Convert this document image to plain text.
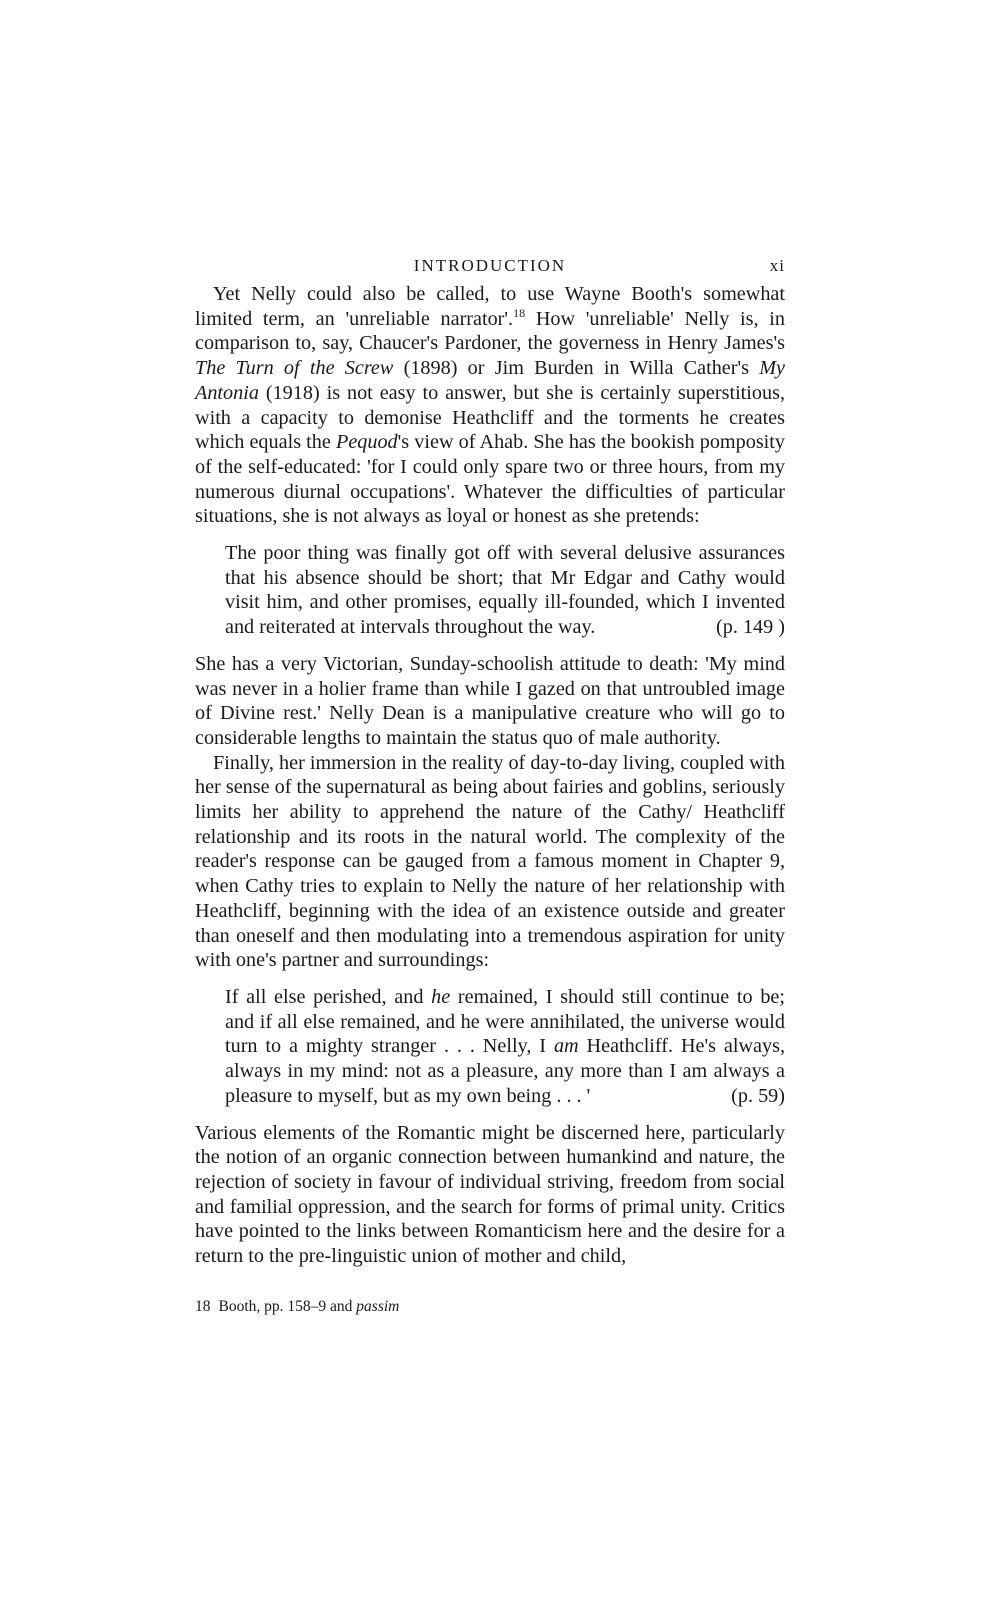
INTRODUCTION	xi

Yet Nelly could also be called, to use Wayne Booth's somewhat limited term, an 'unreliable narrator'.$^{18}$ How 'unreliable' Nelly is, in comparison to, say, Chaucer's Pardoner, the governess in Henry James's The Turn of the Screw (1898) or Jim Burden in Willa Cather's My Antonia (1918) is not easy to answer, but she is certainly superstitious, with a capacity to demonise Heathcliff and the torments he creates which equals the Pequod's view of Ahab. She has the bookish pomposity of the self-educated: 'for I could only spare two or three hours, from my numerous diurnal occupations'. Whatever the difficulties of particular situations, she is not always as loyal or honest as she pretends:

The poor thing was finally got off with several delusive assurances that his absence should be short; that Mr Edgar and Cathy would visit him, and other promises, equally ill-founded, which I invented and reiterated at intervals throughout the way.	(p. 149 )

She has a very Victorian, Sunday-schoolish attitude to death: 'My mind was never in a holier frame than while I gazed on that untroubled image of Divine rest.' Nelly Dean is a manipulative creature who will go to considerable lengths to maintain the status quo of male authority.

Finally, her immersion in the reality of day-to-day living, coupled with her sense of the supernatural as being about fairies and goblins, seriously limits her ability to apprehend the nature of the Cathy/ Heathcliff relationship and its roots in the natural world. The complexity of the reader's response can be gauged from a famous moment in Chapter 9, when Cathy tries to explain to Nelly the nature of her relationship with Heathcliff, beginning with the idea of an existence outside and greater than oneself and then modulating into a tremendous aspiration for unity with one's partner and surroundings:

If all else perished, and he remained, I should still continue to be; and if all else remained, and he were annihilated, the universe would turn to a mighty stranger . . . Nelly, I am Heathcliff. He's always, always in my mind: not as a pleasure, any more than I am always a pleasure to myself, but as my own being . . . '	(p. 59)

Various elements of the Romantic might be discerned here, particularly the notion of an organic connection between humankind and nature, the rejection of society in favour of individual striving, freedom from social and familial oppression, and the search for forms of primal unity. Critics have pointed to the links between Romanticism here and the desire for a return to the pre-linguistic union of mother and child,

18 Booth, pp. 158–9 and passim
